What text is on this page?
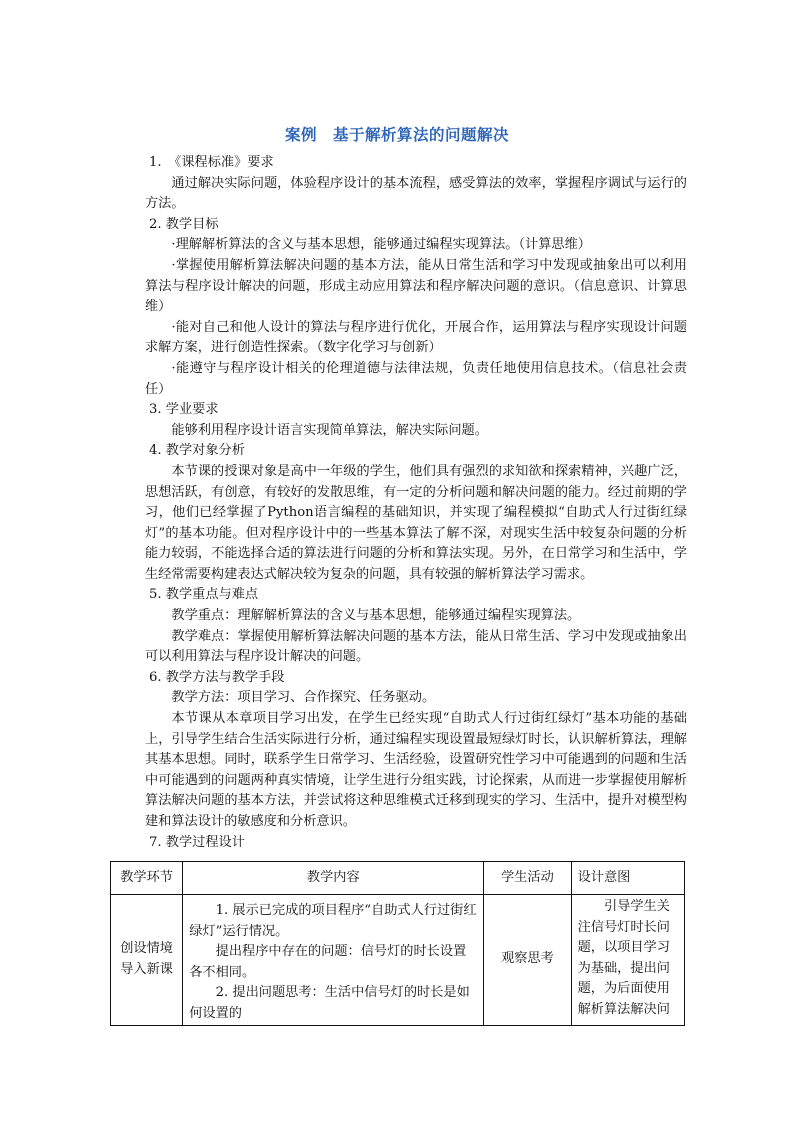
案例　基于解析算法的问题解决

1.　《课程标准》要求

通过解决实际问题，体验程序设计的基本流程，感受算法的效率，掌握程序调试与运行的方法。

2. 教学目标

·理解解析算法的含义与基本思想，能够通过编程实现算法。（计算思维）

·掌握使用解析算法解决问题的基本方法，能从日常生活和学习中发现或抽象出可以利用算法与程序设计解决的问题，形成主动应用算法和程序解决问题的意识。（信息意识、计算思维）

·能对自己和他人设计的算法与程序进行优化，开展合作，运用算法与程序实现设计问题求解方案，进行创造性探索。（数字化学习与创新）

·能遵守与程序设计相关的伦理道德与法律法规，负责任地使用信息技术。（信息社会责任）

3. 学业要求

能够利用程序设计语言实现简单算法，解决实际问题。

4. 教学对象分析

本节课的授课对象是高中一年级的学生，他们具有强烈的求知欲和探索精神，兴趣广泛，思想活跃，有创意，有较好的发散思维，有一定的分析问题和解决问题的能力。经过前期的学习，他们已经掌握了Python语言编程的基础知识，并实现了编程模拟“自助式人行过街红绿灯”的基本功能。但对程序设计中的一些基本算法了解不深，对现实生活中较复杂问题的分析能力较弱，不能选择合适的算法进行问题的分析和算法实现。另外，在日常学习和生活中，学生经常需要构建表达式解决较为复杂的问题，具有较强的解析算法学习需求。

5. 教学重点与难点

教学重点：理解解析算法的含义与基本思想，能够通过编程实现算法。

教学难点：掌握使用解析算法解决问题的基本方法，能从日常生活、学习中发现或抽象出可以利用算法与程序设计解决的问题。

6. 教学方法与教学手段

教学方法：项目学习、合作探究、任务驱动。

本节课从本章项目学习出发，在学生已经实现“自助式人行过街红绿灯”基本功能的基础上，引导学生结合生活实际进行分析，通过编程实现设置最短绿灯时长，认识解析算法，理解其基本思想。同时，联系学生日常学习、生活经验，设置研究性学习中可能遇到的问题和生活中可能遇到的问题两种真实情境，让学生进行分组实践，讨论探索，从而进一步掌握使用解析算法解决问题的基本方法，并尝试将这种思维模式迁移到现实的学习、生活中，提升对模型构建和算法设计的敏感度和分析意识。

7. 教学过程设计

教学环节	教学内容	学生活动	设计意图
创设情境导入新课	1. 展示已完成的项目程序“自助式人行过街红绿灯”运行情况。

提出程序中存在的问题：信号灯的时长设置各不相同。

2. 提出问题思考：生活中信号灯的时长是如何设置的	观察思考	引导学生关注信号灯时长问题，以项目学习为基础，提出问题，为后面使用解析算法解决问
